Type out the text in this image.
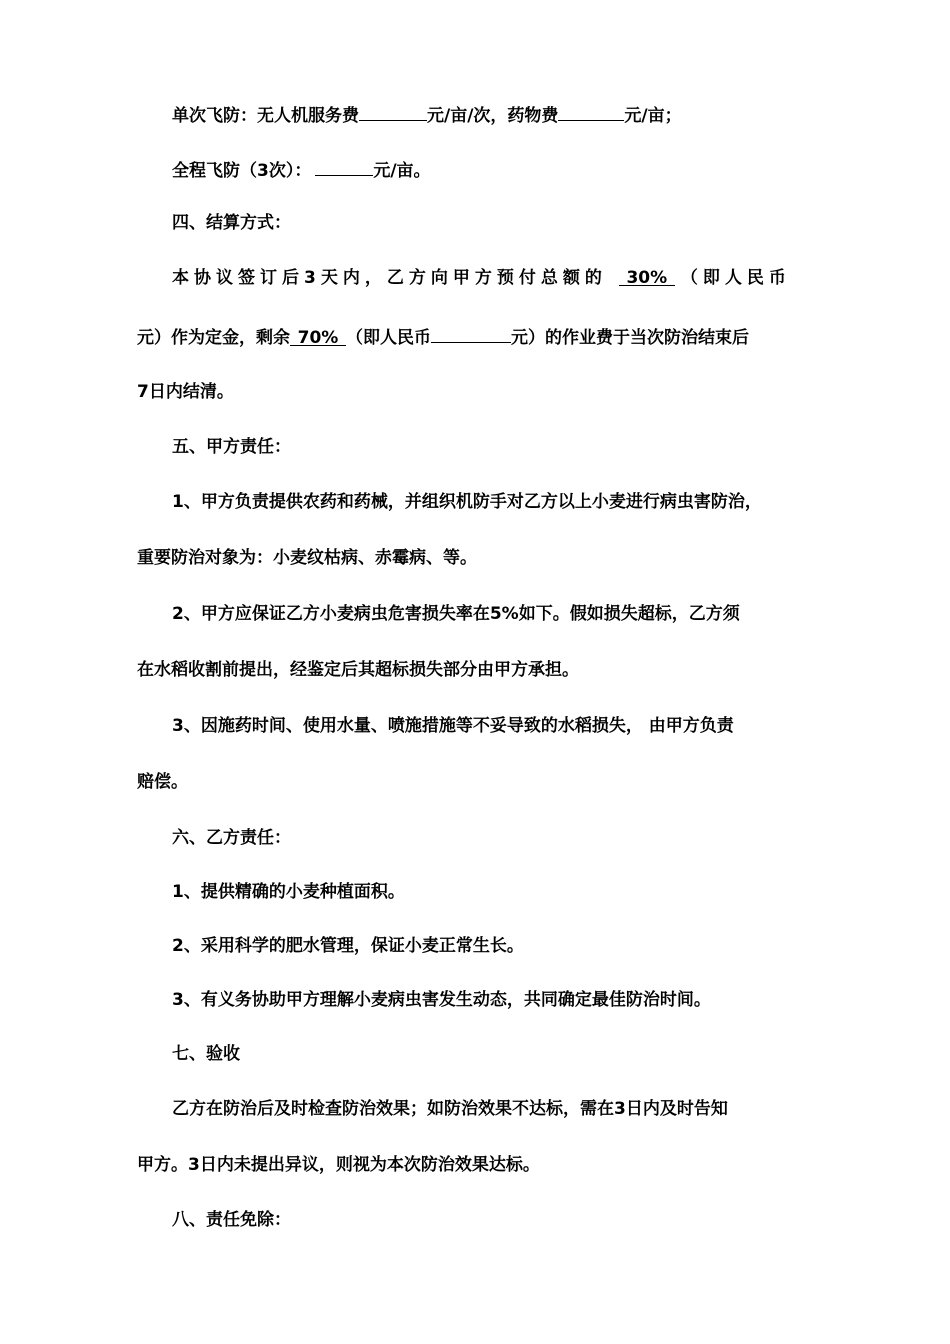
单次飞防：无人机服务费	元/亩/次，药物费	元/亩；
全程飞防（3次）：	元/亩。
四、结算方式：
本协议签订后3天内，乙方向甲方预付总额的 30% （即人民币
元）作为定金，剩余 70% （即人民币	元）的作业费于当次防治结束后
7日内结清。
五、甲方责任：
1、甲方负责提供农药和药械，并组织机防手对乙方以上小麦进行病虫害防治，
重要防治对象为：小麦纹枯病、赤霉病、等。
2、甲方应保证乙方小麦病虫危害损失率在5%如下。假如损失超标，乙方须
在水稻收割前提出，经鉴定后其超标损失部分由甲方承担。
3、因施药时间、使用水量、喷施措施等不妥导致的水稻损失， 由甲方负责
赔偿。
六、乙方责任：
1、提供精确的小麦种植面积。
2、采用科学的肥水管理，保证小麦正常生长。
3、有义务协助甲方理解小麦病虫害发生动态，共同确定最佳防治时间。
七、验收
乙方在防治后及时检查防治效果；如防治效果不达标，需在3日内及时告知
甲方。3日内未提出异议，则视为本次防治效果达标。
八、责任免除：
